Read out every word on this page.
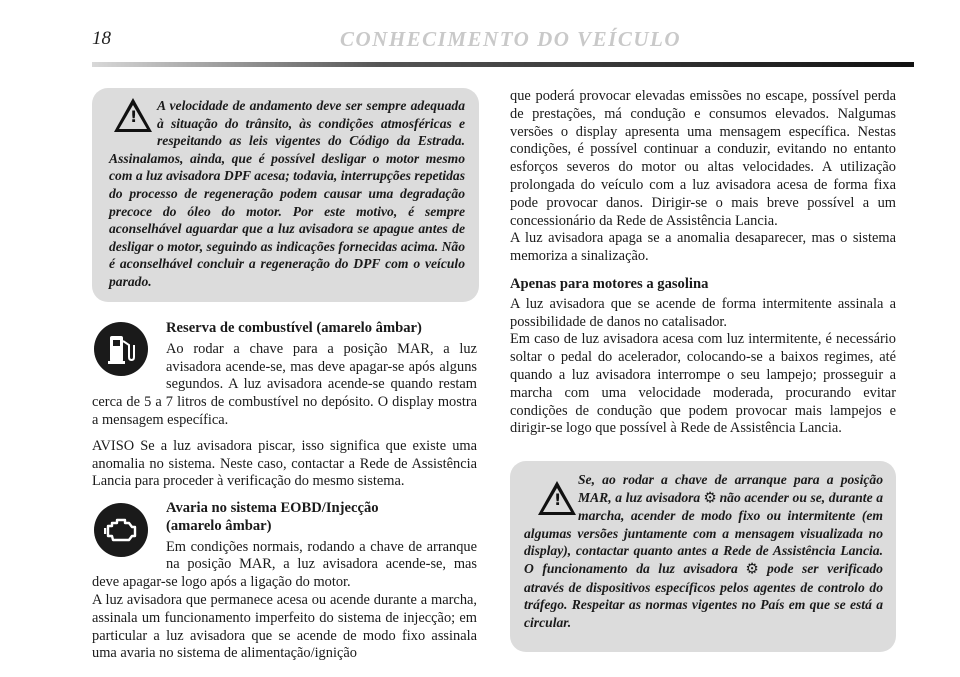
18	CONHECIMENTO DO VEÍCULO
!

A velocidade de andamento deve ser sempre adequada à situação do trânsito, às condições atmosféricas e respeitando as leis vigentes do Código da Estrada. Assinalamos, ainda, que é possível desligar o motor mesmo com a luz avisadora DPF acesa; todavia, interrupções repetidas do processo de regeneração podem causar uma degradação precoce do óleo do motor. Por este motivo, é sempre aconselhável aguardar que a luz avisadora se apague antes de desligar o motor, seguindo as indicações fornecidas acima. Não é aconselhável concluir a regeneração do DPF com o veículo parado.

Reserva de combustível (amarelo âmbar)
Ao rodar a chave para a posição MAR, a luz avisadora acende-se, mas deve apagar-se após alguns segundos. A luz avisadora acende-se quando restam cerca de 5 a 7 litros de combustível no depósito. O display mostra a mensagem específica.

AVISO Se a luz avisadora piscar, isso significa que existe uma anomalia no sistema. Neste caso, contactar a Rede de Assistência Lancia para proceder à verificação do mesmo sistema.

Avaria no sistema EOBD/Injecção
(amarelo âmbar)
Em condições normais, rodando a chave de arranque na posição MAR, a luz avisadora acende-se, mas deve apagar-se logo após a ligação do motor.

A luz avisadora que permanece acesa ou acende durante a marcha, assinala um funcionamento imperfeito do sistema de injecção; em particular a luz avisadora que se acende de modo fixo assinala uma avaria no sistema de alimentação/ignição

que poderá provocar elevadas emissões no escape, possível perda de prestações, má condução e consumos elevados. Nalgumas versões o display apresenta uma mensagem específica. Nestas condições, é possível continuar a conduzir, evitando no entanto esforços severos do motor ou altas velocidades. A utilização prolongada do veículo com a luz avisadora acesa de forma fixa pode provocar danos. Dirigir-se o mais breve possível a um concessionário da Rede de Assistência Lancia.

A luz avisadora apaga se a anomalia desaparecer, mas o sistema memoriza a sinalização.

Apenas para motores a gasolina

A luz avisadora que se acende de forma intermitente assinala a possibilidade de danos no catalisador.

Em caso de luz avisadora acesa com luz intermitente, é necessário soltar o pedal do acelerador, colocando-se a baixos regimes, até quando a luz avisadora interrompe o seu lampejo; prosseguir a marcha com uma velocidade moderada, procurando evitar condições de condução que podem provocar mais lampejos e dirigir-se logo que possível à Rede de Assistência Lancia.

!

Se, ao rodar a chave de arranque para a posição MAR, a luz avisadora ⚙ não acender ou se, durante a marcha, acender de modo fixo ou intermitente (em algumas versões juntamente com a mensagem visualizada no display), contactar quanto antes a Rede de Assistência Lancia. O funcionamento da luz avisadora ⚙ pode ser verificado através de dispositivos específicos pelos agentes de controlo do tráfego. Respeitar as normas vigentes no País em que se está a circular.
